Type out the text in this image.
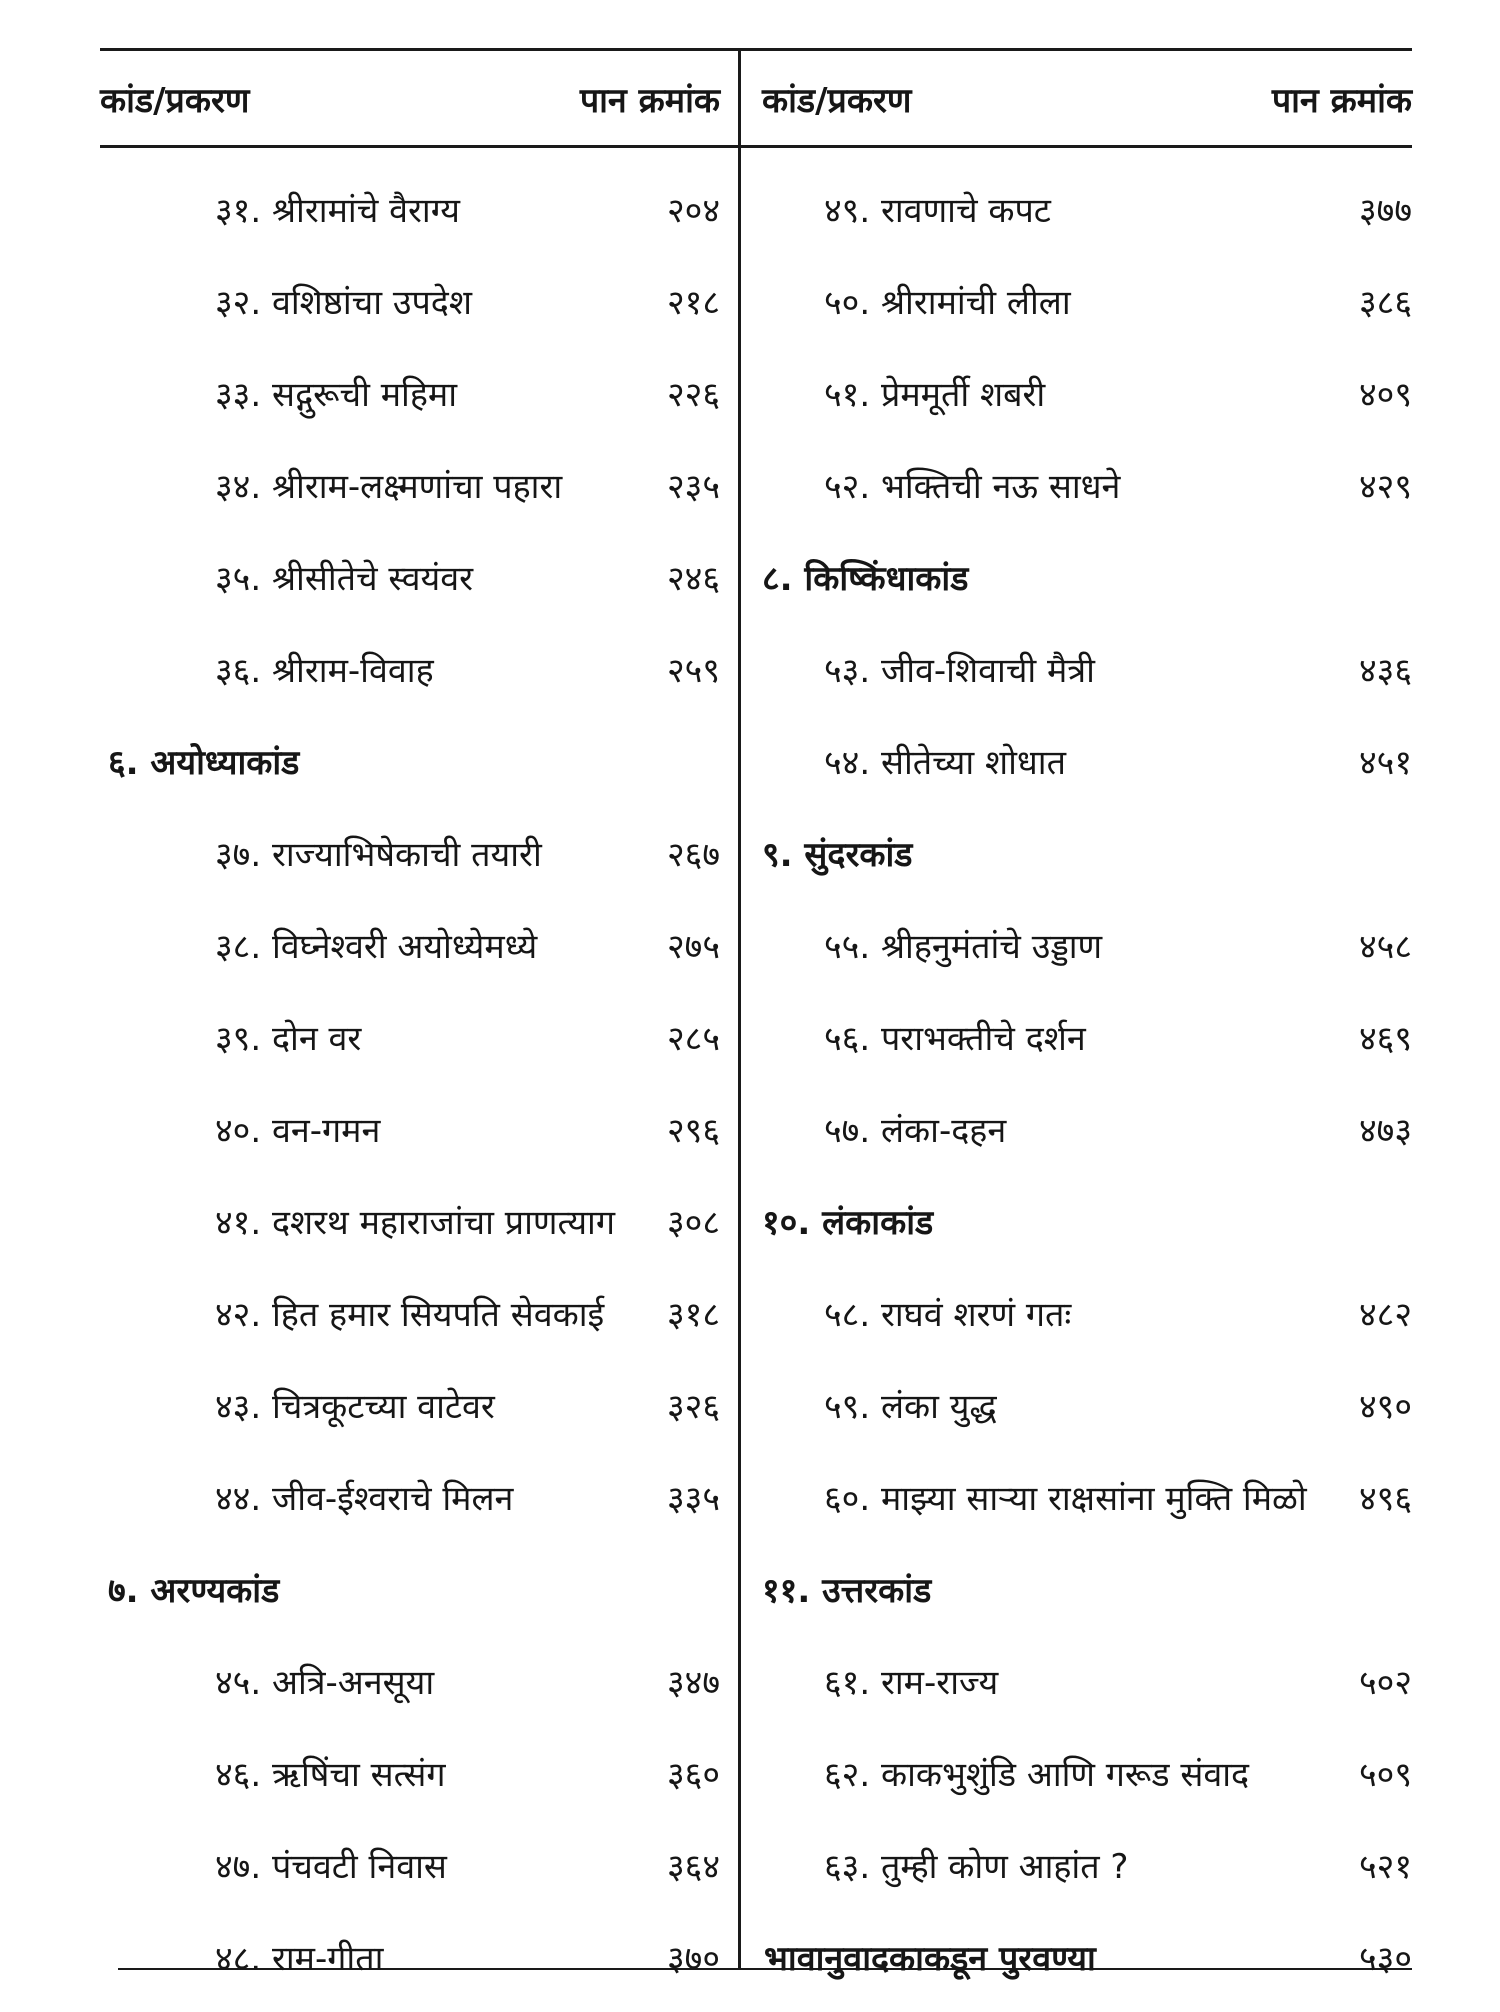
कांड/प्रकरण	पान क्रमांक कांड/प्रकरण	पान क्रमांक
३१. श्रीरामांचे वैराग्य	२०४
३२. वशिष्ठांचा उपदेश	२१८
३३. सद्गुरूची महिमा	२२६
३४. श्रीराम-लक्ष्मणांचा पहारा	२३५
३५. श्रीसीतेचे स्वयंवर	२४६
३६. श्रीराम-विवाह	२५९
६. अयोध्याकांड
३७. राज्याभिषेकाची तयारी	२६७
३८. विघ्नेश्वरी अयोध्येमध्ये	२७५
३९. दोन वर	२८५
४०. वन-गमन	२९६
४१. दशरथ महाराजांचा प्राणत्याग ३०८
४२. हित हमार सियपति सेवकाई ३१८
४३. चित्रकूटच्या वाटेवर	३२६
४४. जीव-ईश्वराचे मिलन	३३५
७. अरण्यकांड
४५. अत्रि-अनसूया	३४७
४६. ऋषिंचा सत्संग	३६०
४७. पंचवटी निवास	३६४
४८. राम-गीता	३७०
४९. रावणाचे कपट	३७७
५०. श्रीरामांची लीला	३८६
५१. प्रेममूर्ती शबरी	४०९
५२. भक्तिची नऊ साधने	४२९
८. किष्किंधाकांड
५३. जीव-शिवाची मैत्री	४३६
५४. सीतेच्या शोधात	४५१
९. सुंदरकांड
५५. श्रीहनुमंतांचे उड्डाण	४५८
५६. पराभक्तीचे दर्शन	४६९
५७. लंका-दहन	४७३
१०. लंकाकांड
५८. राघवं शरणं गतः	४८२
५९. लंका युद्ध	४९०
६०. माझ्या साऱ्या राक्षसांना मुक्ति मिळो ४९६
११. उत्तरकांड
६१. राम-राज्य	५०२
६२. काकभुशुंडि आणि गरूड संवाद	५०९
६३. तुम्ही कोण आहांत ?	५२१
भावानुवादकाकडून पुरवण्या	५३०
